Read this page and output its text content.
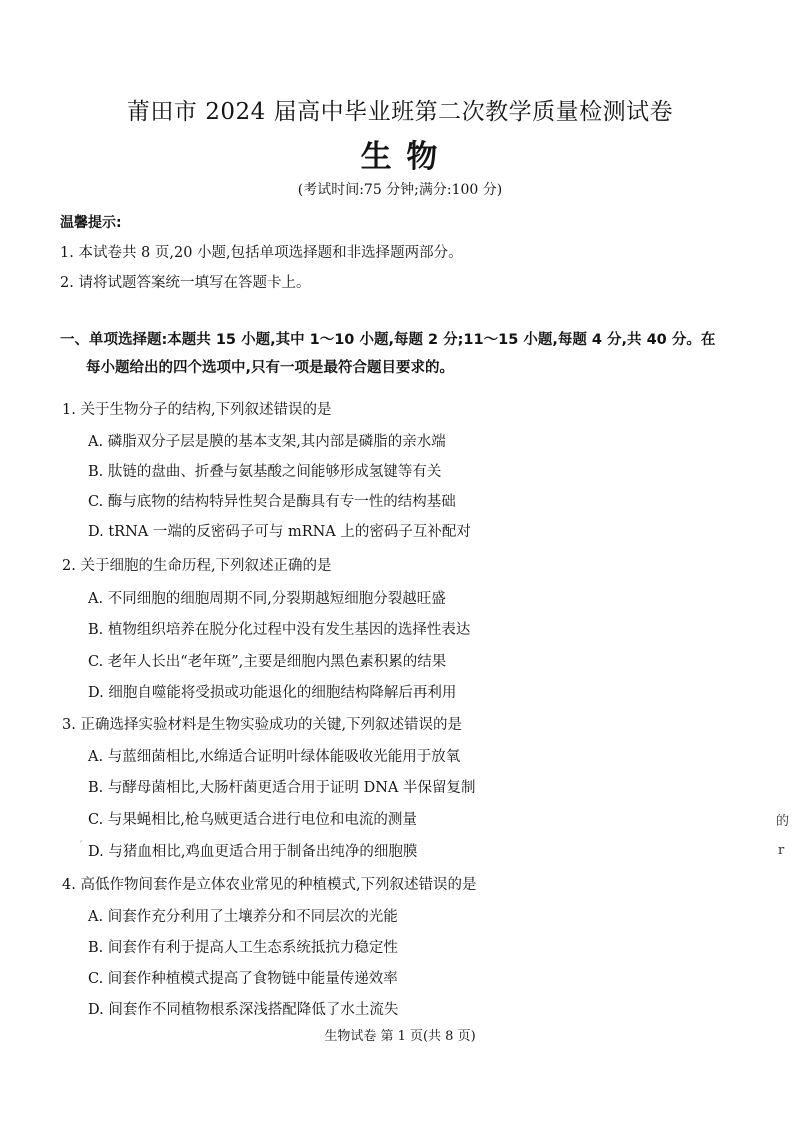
莆田市 2024 届高中毕业班第二次教学质量检测试卷
生 物
(考试时间:75 分钟;满分:100 分)
温馨提示:
1. 本试卷共 8 页,20 小题,包括单项选择题和非选择题两部分。
2. 请将试题答案统一填写在答题卡上。
一、单项选择题:本题共 15 小题,其中 1～10 小题,每题 2 分;11～15 小题,每题 4 分,共 40 分。在
每小题给出的四个选项中,只有一项是最符合题目要求的。
1. 关于生物分子的结构,下列叙述错误的是
A. 磷脂双分子层是膜的基本支架,其内部是磷脂的亲水端
B. 肽链的盘曲、折叠与氨基酸之间能够形成氢键等有关
C. 酶与底物的结构特异性契合是酶具有专一性的结构基础
D. tRNA 一端的反密码子可与 mRNA 上的密码子互补配对
2. 关于细胞的生命历程,下列叙述正确的是
A. 不同细胞的细胞周期不同,分裂期越短细胞分裂越旺盛
B. 植物组织培养在脱分化过程中没有发生基因的选择性表达
C. 老年人长出“老年斑”,主要是细胞内黑色素积累的结果
D. 细胞自噬能将受损或功能退化的细胞结构降解后再利用
3. 正确选择实验材料是生物实验成功的关键,下列叙述错误的是
A. 与蓝细菌相比,水绵适合证明叶绿体能吸收光能用于放氧
B. 与酵母菌相比,大肠杆菌更适合用于证明 DNA 半保留复制
C. 与果蝇相比,枪乌贼更适合进行电位和电流的测量
D. 与猪血相比,鸡血更适合用于制备出纯净的细胞膜
4. 高低作物间套作是立体农业常见的种植模式,下列叙述错误的是
A. 间套作充分利用了土壤养分和不同层次的光能
B. 间套作有利于提高人工生态系统抵抗力稳定性
C. 间套作种植模式提高了食物链中能量传递效率
D. 间套作不同植物根系深浅搭配降低了水土流失
的
r
′
生物试卷 第 1 页(共 8 页)
